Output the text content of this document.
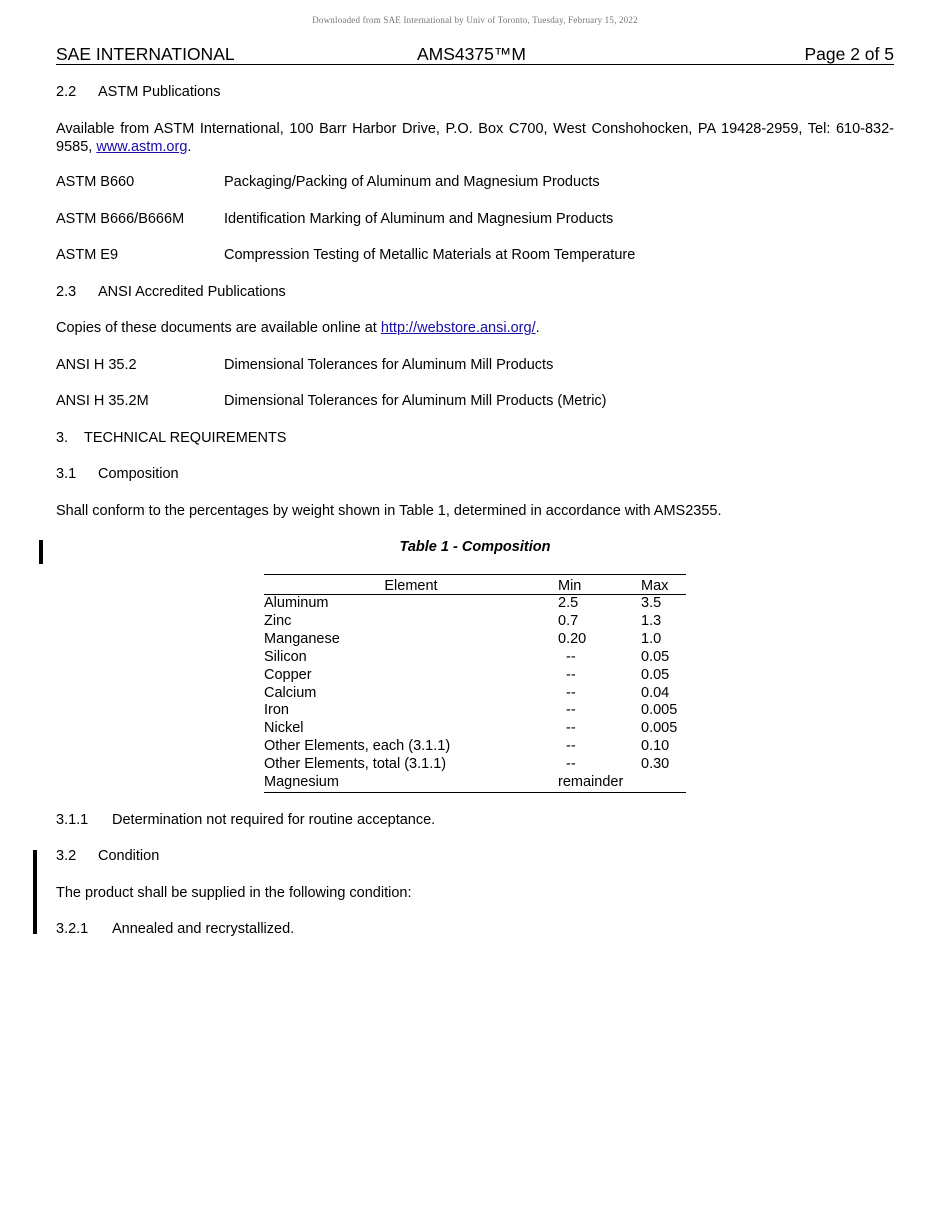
Downloaded from SAE International by Univ of Toronto, Tuesday, February 15, 2022
SAE INTERNATIONAL	AMS4375™M	Page 2 of 5
2.2 ASTM Publications
Available from ASTM International, 100 Barr Harbor Drive, P.O. Box C700, West Conshohocken, PA 19428-2959, Tel: 610-832-9585, www.astm.org.
ASTM B660	Packaging/Packing of Aluminum and Magnesium Products
ASTM B666/B666M	Identification Marking of Aluminum and Magnesium Products
ASTM E9	Compression Testing of Metallic Materials at Room Temperature
2.3 ANSI Accredited Publications
Copies of these documents are available online at http://webstore.ansi.org/.
ANSI H 35.2	Dimensional Tolerances for Aluminum Mill Products
ANSI H 35.2M	Dimensional Tolerances for Aluminum Mill Products (Metric)
3. TECHNICAL REQUIREMENTS
3.1 Composition
Shall conform to the percentages by weight shown in Table 1, determined in accordance with AMS2355.
Table 1 - Composition
Element	Min	Max
Aluminum	2.5	3.5
Zinc	0.7	1.3
Manganese	0.20	1.0
Silicon	--	0.05
Copper	--	0.05
Calcium	--	0.04
Iron	--	0.005
Nickel	--	0.005
Other Elements, each (3.1.1)	--	0.10
Other Elements, total (3.1.1)	--	0.30
Magnesium	remainder	
3.1.1 Determination not required for routine acceptance.
3.2 Condition
The product shall be supplied in the following condition:
3.2.1 Annealed and recrystallized.
